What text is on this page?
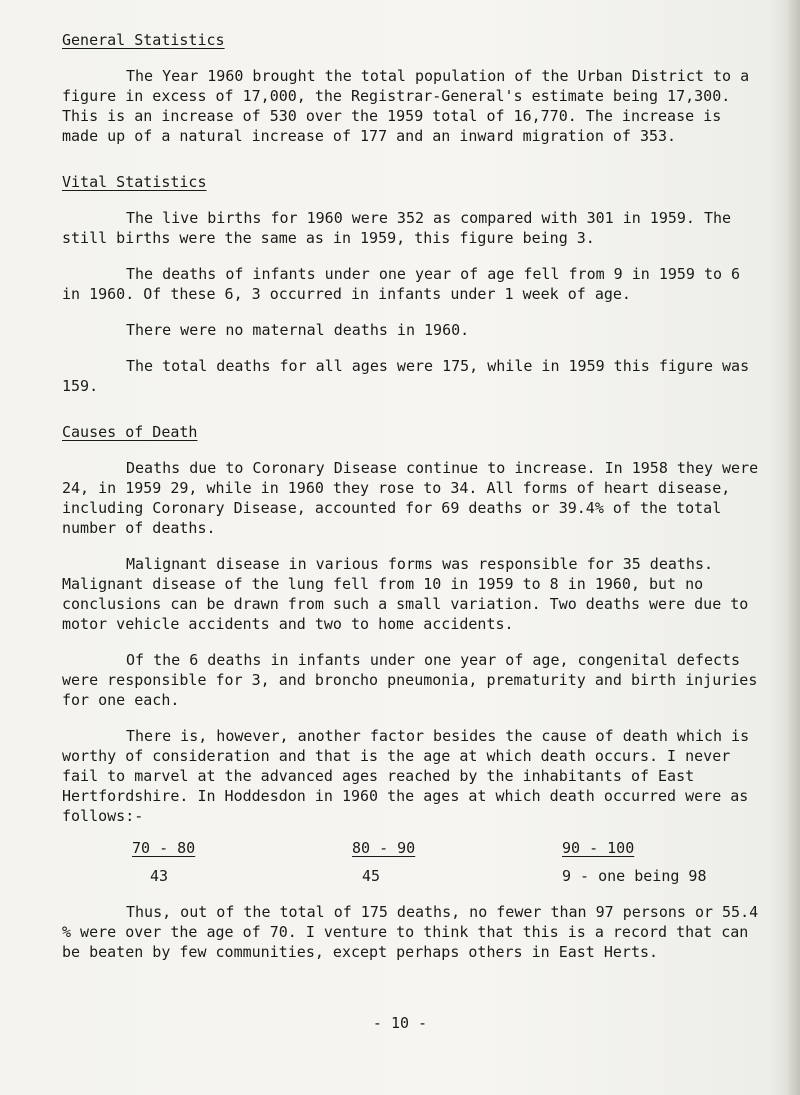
General Statistics

The Year 1960 brought the total population of the Urban District to a figure in excess of 17,000, the Registrar-General's estimate being 17,300. This is an increase of 530 over the 1959 total of 16,770. The increase is made up of a natural increase of 177 and an inward migration of 353.

Vital Statistics

The live births for 1960 were 352 as compared with 301 in 1959. The still births were the same as in 1959, this figure being 3.

The deaths of infants under one year of age fell from 9 in 1959 to 6 in 1960. Of these 6, 3 occurred in infants under 1 week of age.

There were no maternal deaths in 1960.

The total deaths for all ages were 175, while in 1959 this figure was 159.

Causes of Death

Deaths due to Coronary Disease continue to increase. In 1958 they were 24, in 1959 29, while in 1960 they rose to 34. All forms of heart disease, including Coronary Disease, accounted for 69 deaths or 39.4% of the total number of deaths.

Malignant disease in various forms was responsible for 35 deaths. Malignant disease of the lung fell from 10 in 1959 to 8 in 1960, but no conclusions can be drawn from such a small variation. Two deaths were due to motor vehicle accidents and two to home accidents.

Of the 6 deaths in infants under one year of age, congenital defects were responsible for 3, and broncho pneumonia, prematurity and birth injuries for one each.

There is, however, another factor besides the cause of death which is worthy of consideration and that is the age at which death occurs. I never fail to marvel at the advanced ages reached by the inhabitants of East Hertfordshire. In Hoddesdon in 1960 the ages at which death occurred were as follows:-

70 - 80	80 - 90	90 - 100
43	45	9 - one being 98

Thus, out of the total of 175 deaths, no fewer than 97 persons or 55.4 % were over the age of 70. I venture to think that this is a record that can be beaten by few communities, except perhaps others in East Herts.

- 10 -
